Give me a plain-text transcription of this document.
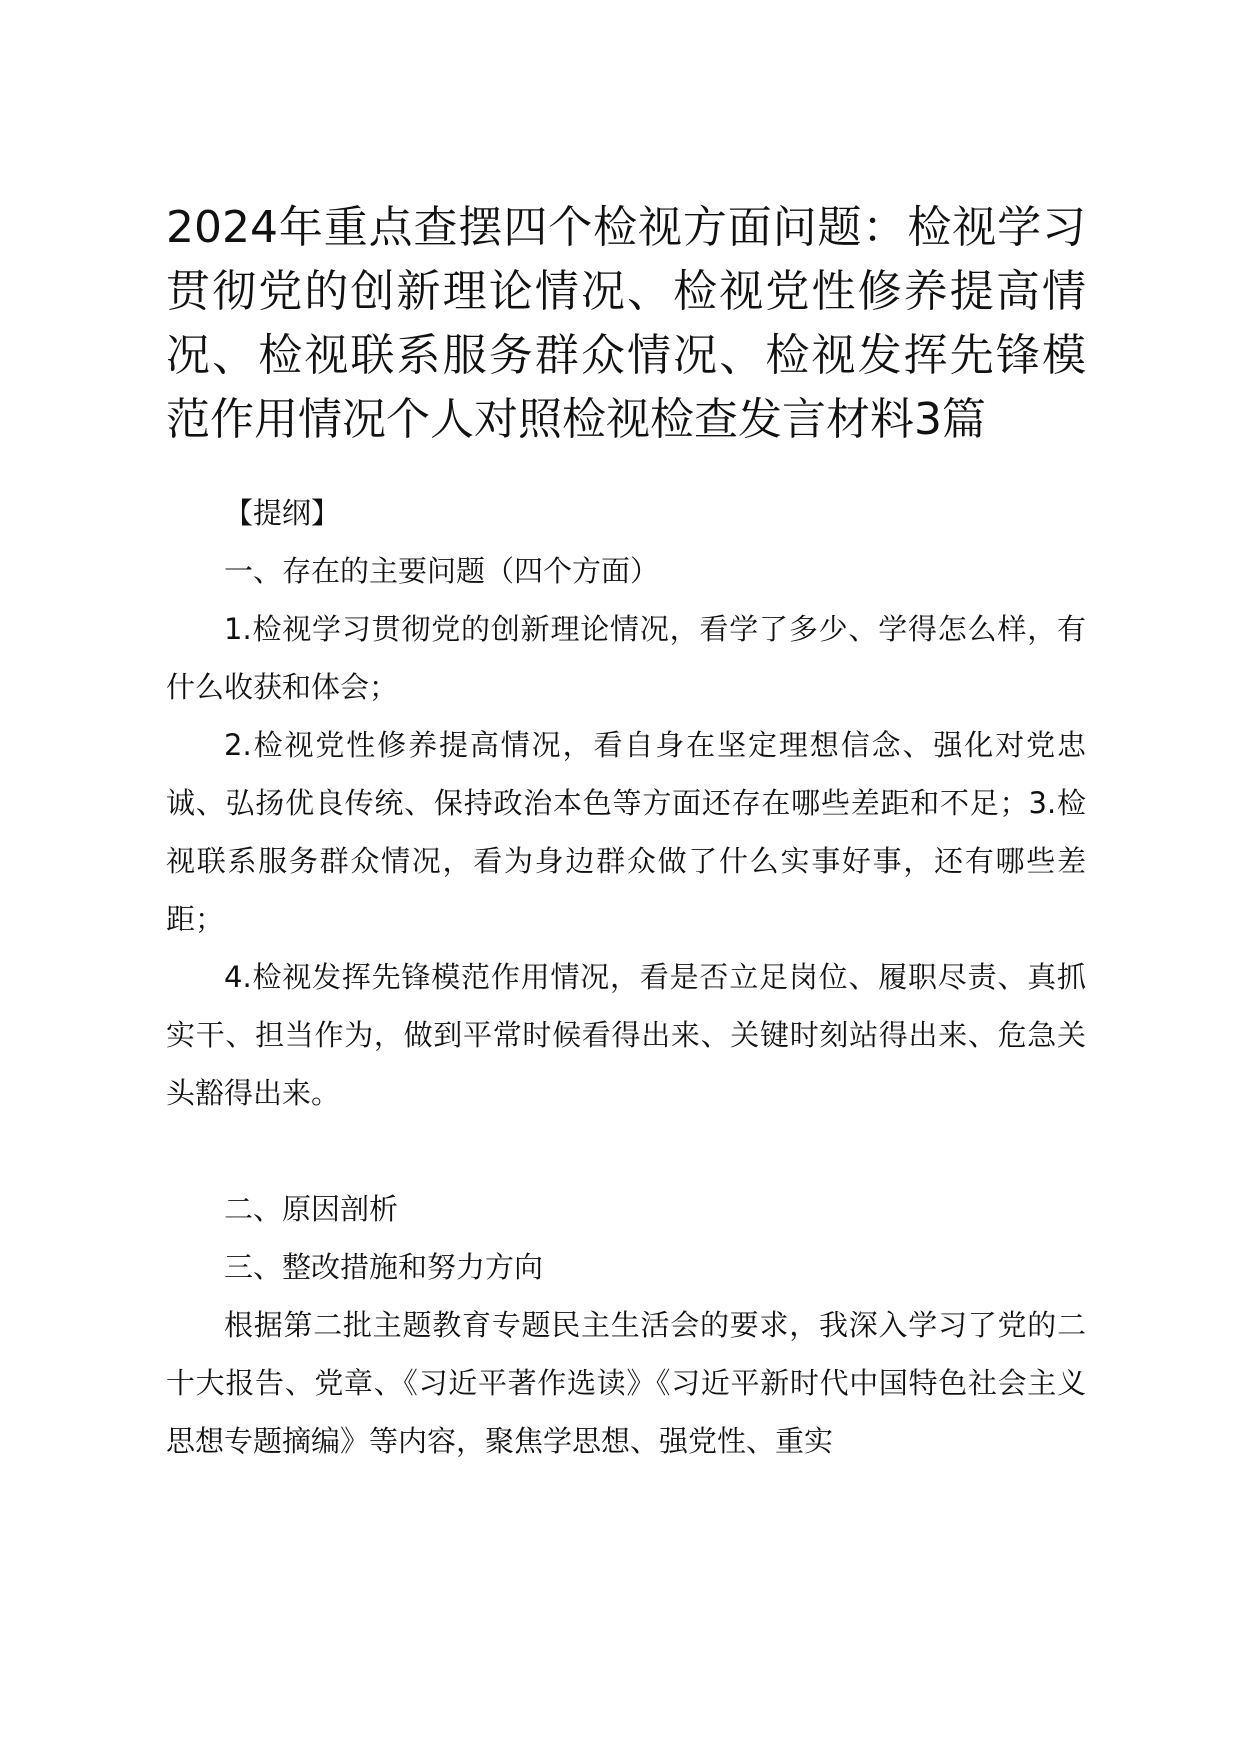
2024年重点查摆四个检视方面问题：检视学习贯彻党的创新理论情况、检视党性修养提高情况、检视联系服务群众情况、检视发挥先锋模范作用情况个人对照检视检查发言材料3篇

【提纲】

一、存在的主要问题（四个方面）

1.检视学习贯彻党的创新理论情况，看学了多少、学得怎么样，有什么收获和体会；

2.检视党性修养提高情况，看自身在坚定理想信念、强化对党忠诚、弘扬优良传统、保持政治本色等方面还存在哪些差距和不足；3.检视联系服务群众情况，看为身边群众做了什么实事好事，还有哪些差距；

4.检视发挥先锋模范作用情况，看是否立足岗位、履职尽责、真抓实干、担当作为，做到平常时候看得出来、关键时刻站得出来、危急关头豁得出来。

二、原因剖析

三、整改措施和努力方向

根据第二批主题教育专题民主生活会的要求，我深入学习了党的二十大报告、党章、《习近平著作选读》《习近平新时代中国特色社会主义思想专题摘编》等内容，聚焦学思想、强党性、重实
